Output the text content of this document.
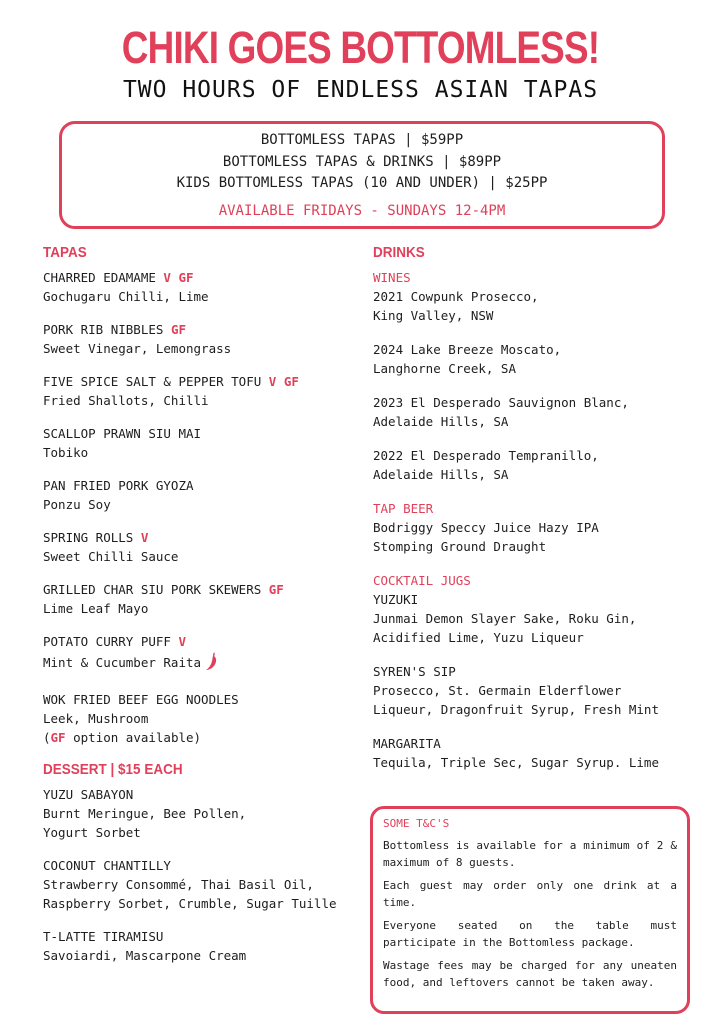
CHIKI GOES BOTTOMLESS!
TWO HOURS OF ENDLESS ASIAN TAPAS
BOTTOMLESS TAPAS | $59PP
BOTTOMLESS TAPAS & DRINKS | $89PP
KIDS BOTTOMLESS TAPAS (10 AND UNDER) | $25PP
AVAILABLE FRIDAYS - SUNDAYS 12-4PM
TAPAS
CHARRED EDAMAME V GF
Gochugaru Chilli, Lime
PORK RIB NIBBLES GF
Sweet Vinegar, Lemongrass
FIVE SPICE SALT & PEPPER TOFU V GF
Fried Shallots, Chilli
SCALLOP PRAWN SIU MAI
Tobiko
PAN FRIED PORK GYOZA
Ponzu Soy
SPRING ROLLS V
Sweet Chilli Sauce
GRILLED CHAR SIU PORK SKEWERS GF
Lime Leaf Mayo
POTATO CURRY PUFF V
Mint & Cucumber Raita
WOK FRIED BEEF EGG NOODLES
Leek, Mushroom
(GF option available)
DESSERT | $15 EACH
YUZU SABAYON
Burnt Meringue, Bee Pollen, Yogurt Sorbet
COCONUT CHANTILLY
Strawberry Consommé, Thai Basil Oil, Raspberry Sorbet, Crumble, Sugar Tuille
T-LATTE TIRAMISU
Savoiardi, Mascarpone Cream
DRINKS
WINES
2021 Cowpunk Prosecco,
King Valley, NSW
2024 Lake Breeze Moscato,
Langhorne Creek, SA
2023 El Desperado Sauvignon Blanc,
Adelaide Hills, SA
2022 El Desperado Tempranillo,
Adelaide Hills, SA
TAP BEER
Bodriggy Speccy Juice Hazy IPA
Stomping Ground Draught
COCKTAIL JUGS
YUZUKI
Junmai Demon Slayer Sake, Roku Gin, Acidified Lime, Yuzu Liqueur
SYREN'S SIP
Prosecco, St. Germain Elderflower Liqueur, Dragonfruit Syrup, Fresh Mint
MARGARITA
Tequila, Triple Sec, Sugar Syrup. Lime
SOME T&C'S
Bottomless is available for a minimum of 2 & maximum of 8 guests.
Each guest may order only one drink at a time.
Everyone seated on the table must participate in the Bottomless package.
Wastage fees may be charged for any uneaten food, and leftovers cannot be taken away.
